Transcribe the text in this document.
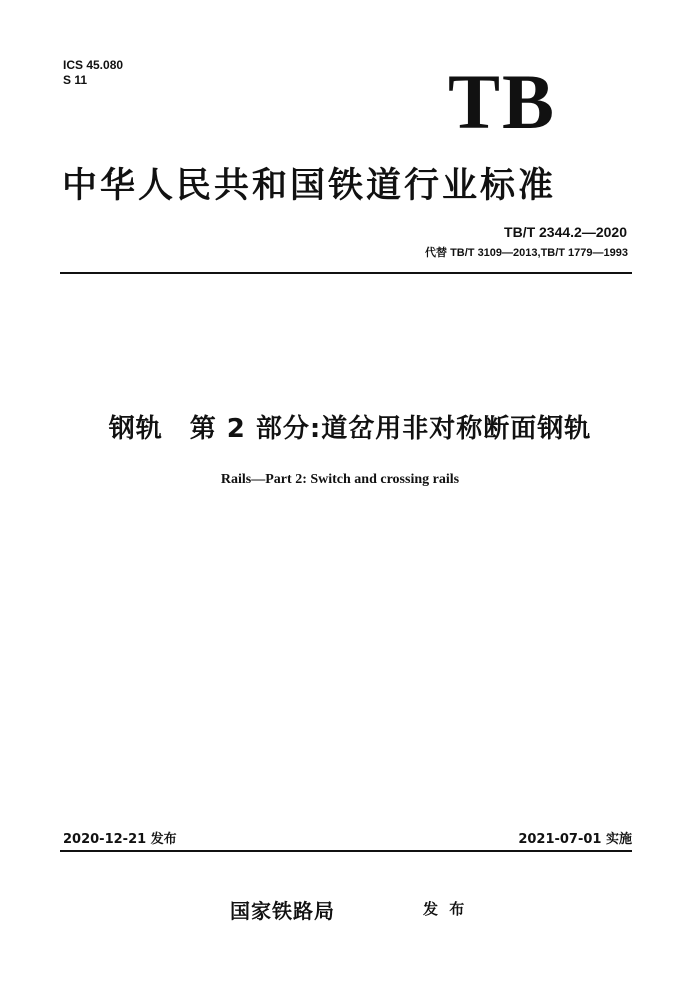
ICS 45.080
S 11	TB
中华人民共和国铁道行业标准
TB/T 2344.2—2020
代替 TB/T 3109—2013,TB/T 1779—1993
钢轨　第 2 部分:道岔用非对称断面钢轨
Rails—Part 2: Switch and crossing rails
2020-12-21 发布	2021-07-01 实施
国家铁路局	发 布
